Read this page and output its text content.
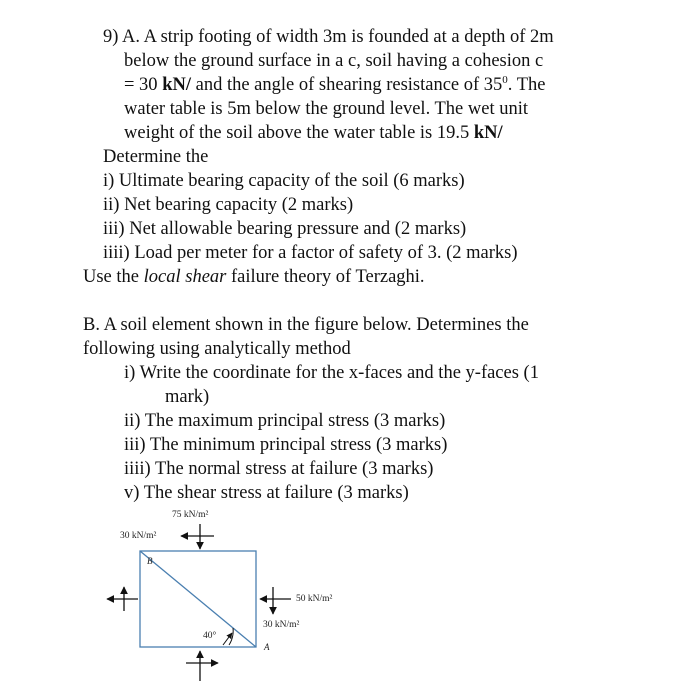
9) A. A strip footing of width 3m is founded at a depth of 2m
below the ground surface in a c, soil having a cohesion c
= 30 kN/ and the angle of shearing resistance of $35^0$. The
water table is 5m below the ground level. The wet unit
weight of the soil above the water table is 19.5 kN/
Determine the
i) Ultimate bearing capacity of the soil (6 marks)
ii) Net bearing capacity (2 marks)
iii) Net allowable bearing pressure and (2 marks)
iiii) Load per meter for a factor of safety of 3. (2 marks)
Use the local shear failure theory of Terzaghi.
B. A soil element shown in the figure below. Determines the
following using analytically method
i) Write the coordinate for the x-faces and the y-faces (1
mark)
ii) The maximum principal stress (3 marks)
iii) The minimum principal stress (3 marks)
iiii) The normal stress at failure (3 marks)
v) The shear stress at failure (3 marks)
75 kN/m²
30 kN/m²
50 kN/m²
30 kN/m²
B
A
40°
